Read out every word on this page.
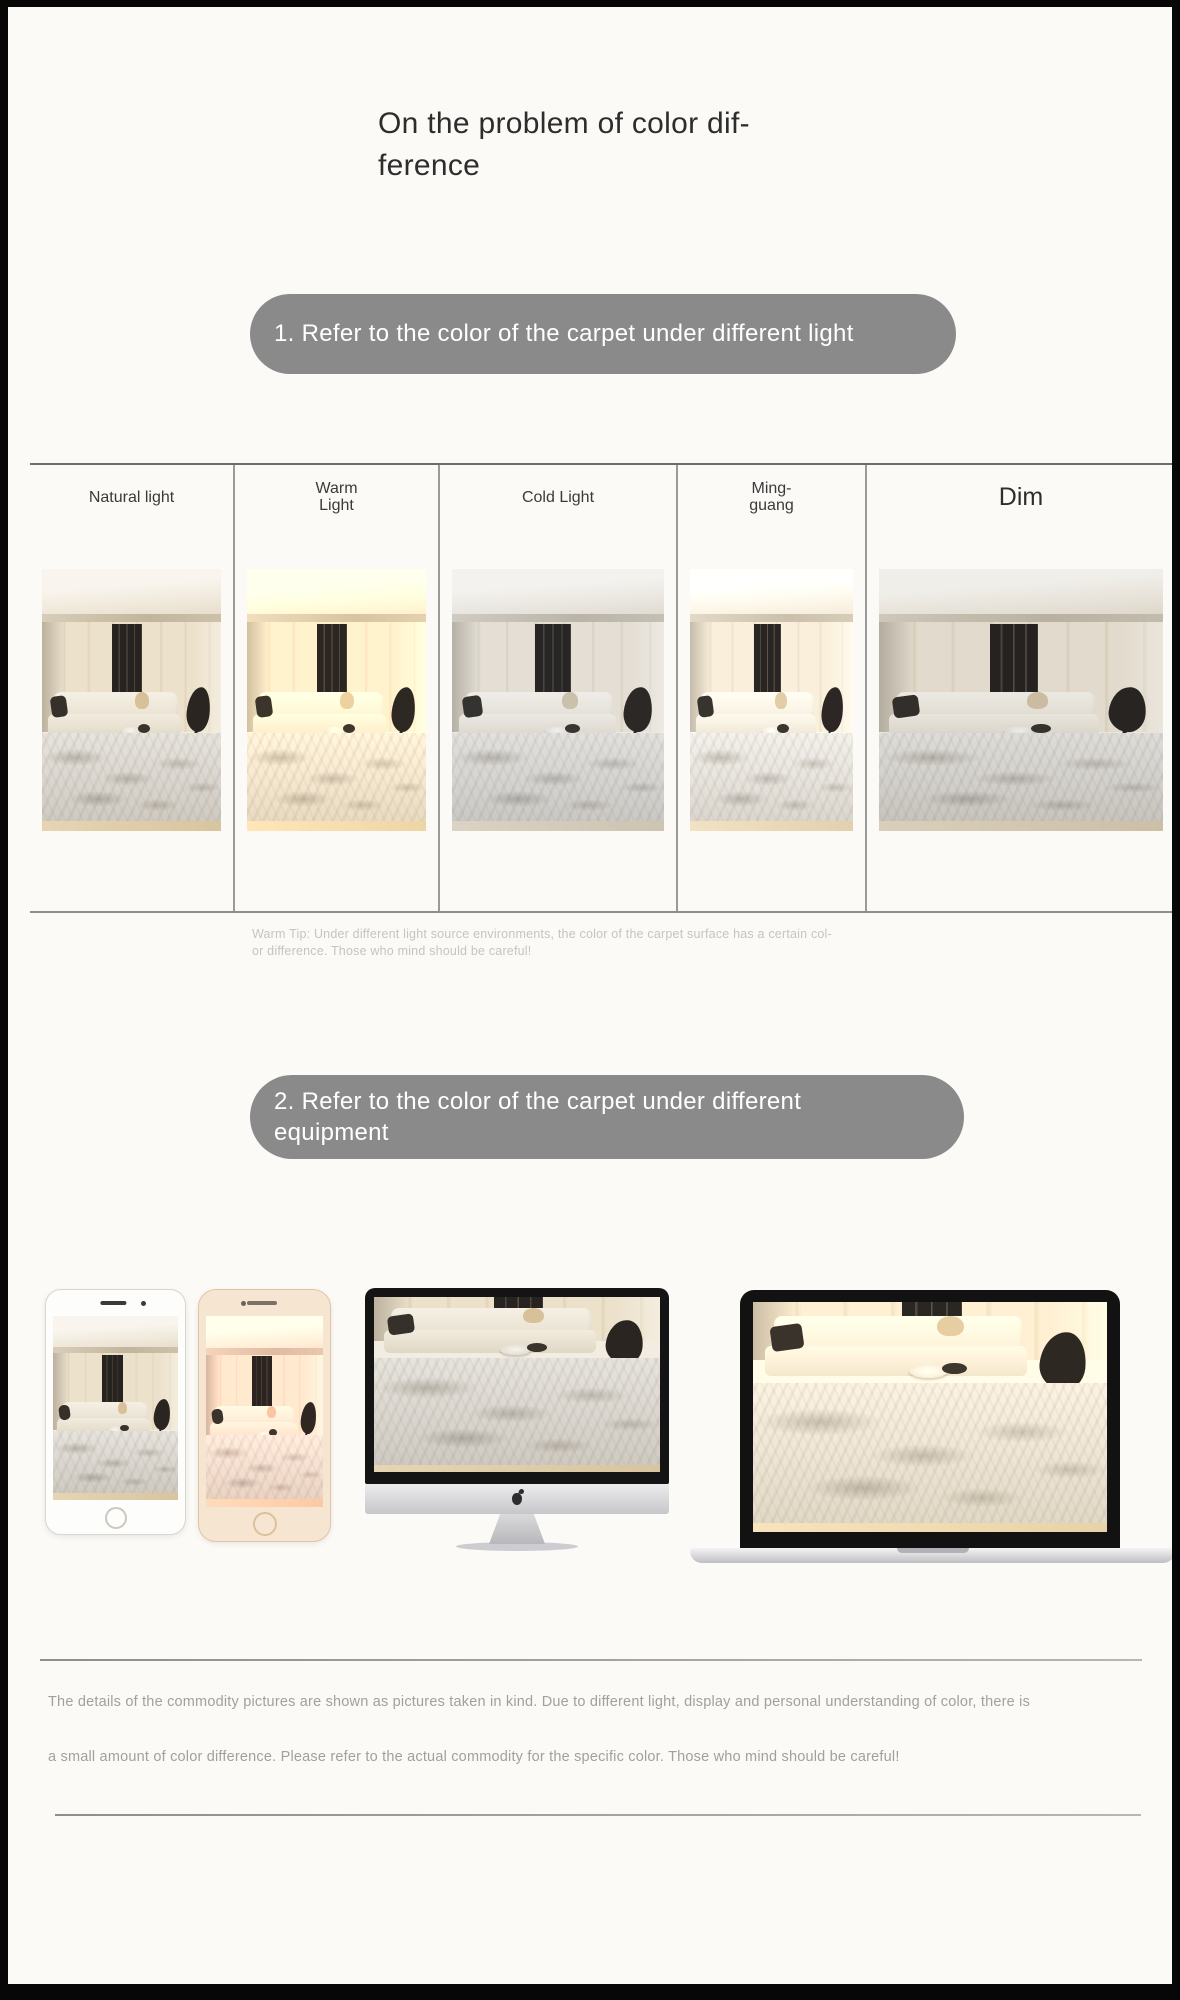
On the problem of color dif-
ference
1. Refer to the color of the carpet under different light
Natural light	Warm
Light	Cold Light	Ming-
guang	Dim
Warm Tip: Under different light source environments, the color of the carpet surface has a certain col-
or difference. Those who mind should be careful!
2. Refer to the color of the carpet under different
equipment
The details of the commodity pictures are shown as pictures taken in kind. Due to different light, display and personal understanding of color, there is
a small amount of color difference. Please refer to the actual commodity for the specific color. Those who mind should be careful!
